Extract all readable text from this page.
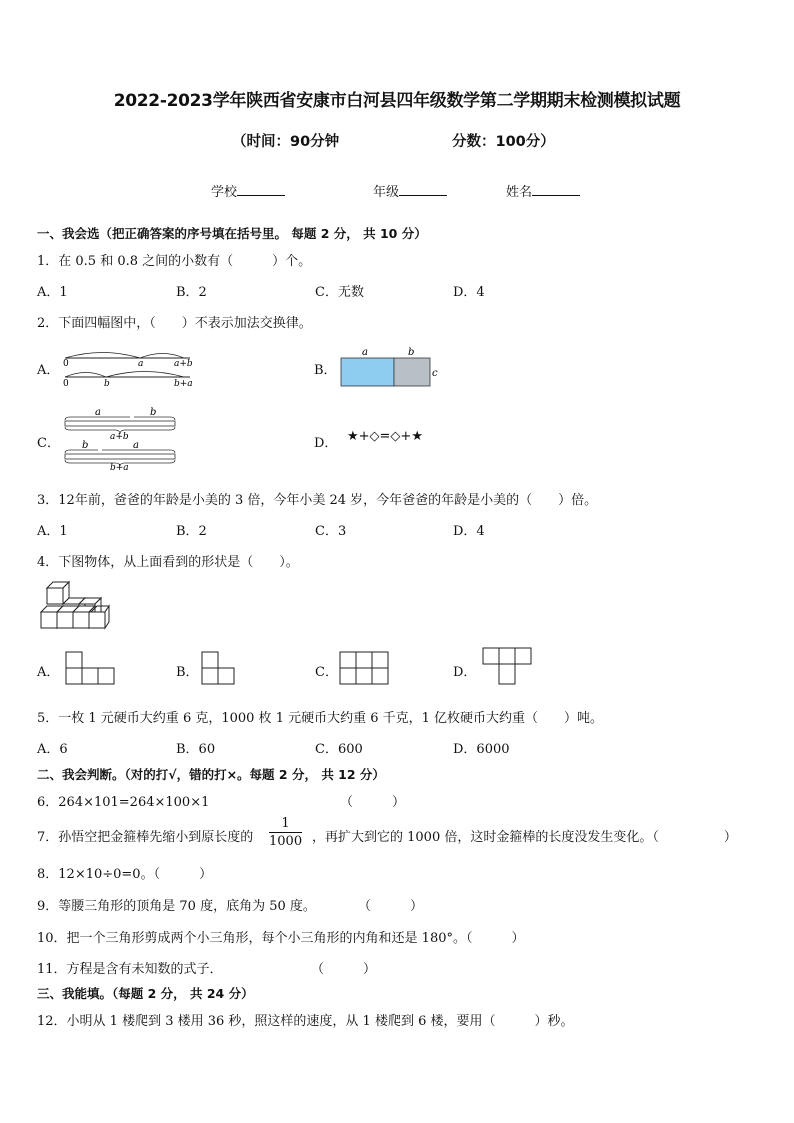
2022-2023学年陕西省安康市白河县四年级数学第二学期期末检测模拟试题
（时间：90分钟	分数：100分）
学校	年级	姓名
一、我会选（把正确答案的序号填在括号里。 每题 2 分， 共 10 分）
1．在 0.5 和 0.8 之间的小数有（　　　）个。
A．1	B．2	C．无数	D．4
2．下面四幅图中，（　　）不表示加法交换律。
A． 0	a	a+b
0	b	b+a
B．
a	b
c
C．
a	b
a+b
b	a
b+a
D． ★+◇=◇+★
3．12年前，爸爸的年龄是小美的 3 倍，今年小美 24 岁，今年爸爸的年龄是小美的（　　）倍。
A．1	B．2	C．3	D．4
4．下图物体，从上面看到的形状是（　　）。
A．	B．	C．	D．
5．一枚 1 元硬币大约重 6 克，1000 枚 1 元硬币大约重 6 千克，1 亿枚硬币大约重（　　）吨。
A．6	B．60	C．600	D．6000
二、我会判断。（对的打√，错的打×。每题 2 分， 共 12 分）
6．264×101=264×100×1	（　　　）
7．孙悟空把金箍棒先缩小到原长度的 $\frac{1}{1000}$ ，再扩大到它的 1000 倍，这时金箍棒的长度没发生变化。（　　　　　）
8．12×10÷0=0。（　　　）
9．等腰三角形的顶角是 70 度，底角为 50 度。	（　　　）
10．把一个三角形剪成两个小三角形，每个小三角形的内角和还是 180°。（　　　）
11．方程是含有未知数的式子．	（　　　）
三、我能填。（每题 2 分， 共 24 分）
12．小明从 1 楼爬到 3 楼用 36 秒，照这样的速度，从 1 楼爬到 6 楼，要用（　　　）秒。
